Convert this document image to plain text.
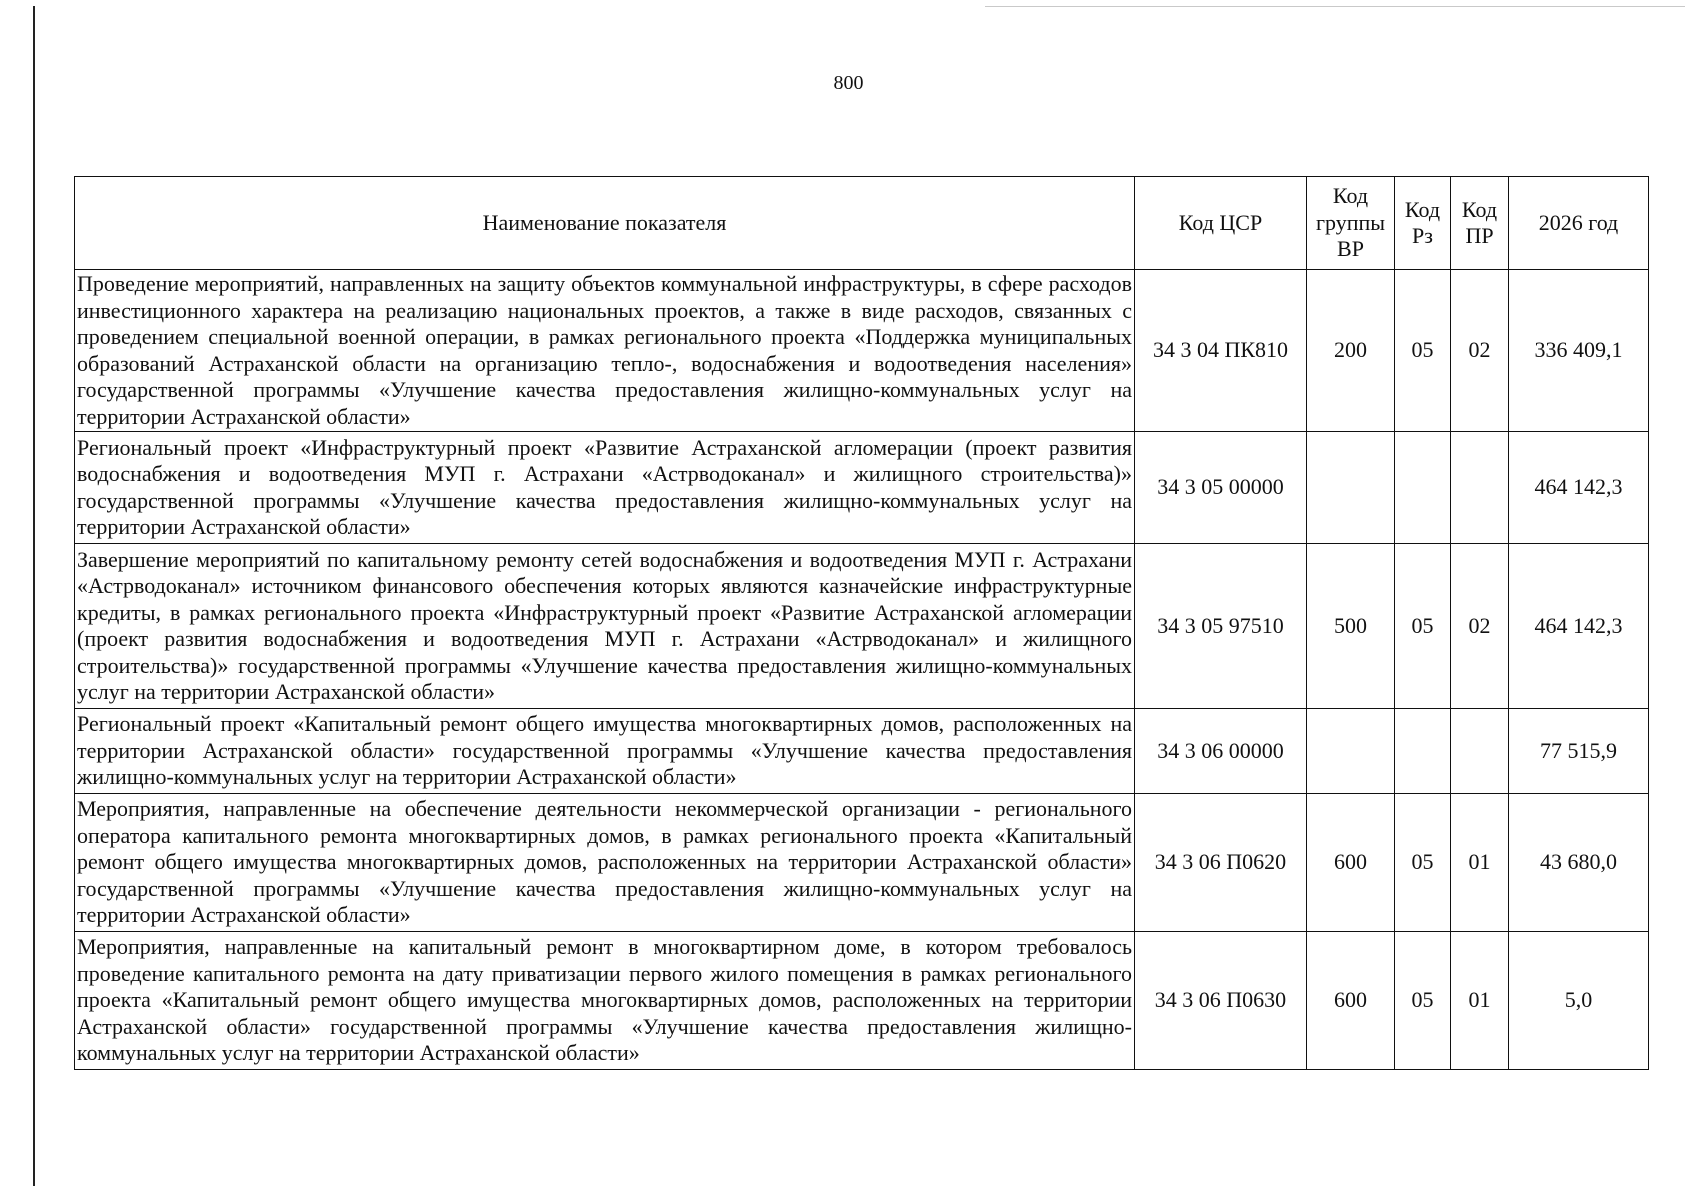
800
Наименование показателя	Код ЦСР	Код группы ВР	Код Рз	Код ПР	2026 год
Проведение мероприятий, направленных на защиту объектов коммунальной инфраструктуры, в сфере расходов инвестиционного характера на реализацию национальных проектов, а также в виде расходов, связанных с проведением специальной военной операции, в рамках регионального проекта «Поддержка муниципальных образований Астраханской области на организацию тепло-, водоснабжения и водоотведения населения» государственной программы «Улучшение качества предоставления жилищно-коммунальных услуг на территории Астраханской области»	34 3 04 ПК810	200	05	02	336 409,1
Региональный проект «Инфраструктурный проект «Развитие Астраханской агломерации (проект развития водоснабжения и водоотведения МУП г. Астрахани «Астрводоканал» и жилищного строительства)» государственной программы «Улучшение качества предоставления жилищно-коммунальных услуг на территории Астраханской области»	34 3 05 00000				464 142,3
Завершение мероприятий по капитальному ремонту сетей водоснабжения и водоотведения МУП г. Астрахани «Астрводоканал» источником финансового обеспечения которых являются казначейские инфраструктурные кредиты, в рамках регионального проекта «Инфраструктурный проект «Развитие Астраханской агломерации (проект развития водоснабжения и водоотведения МУП г. Астрахани «Астрводоканал» и жилищного строительства)» государственной программы «Улучшение качества предоставления жилищно-коммунальных услуг на территории Астраханской области»	34 3 05 97510	500	05	02	464 142,3
Региональный проект «Капитальный ремонт общего имущества многоквартирных домов, расположенных на территории Астраханской области» государственной программы «Улучшение качества предоставления жилищно-коммунальных услуг на территории Астраханской области»	34 3 06 00000				77 515,9
Мероприятия, направленные на обеспечение деятельности некоммерческой организации - регионального оператора капитального ремонта многоквартирных домов, в рамках регионального проекта «Капитальный ремонт общего имущества многоквартирных домов, расположенных на территории Астраханской области» государственной программы «Улучшение качества предоставления жилищно-коммунальных услуг на территории Астраханской области»	34 3 06 П0620	600	05	01	43 680,0
Мероприятия, направленные на капитальный ремонт в многоквартирном доме, в котором требовалось проведение капитального ремонта на дату приватизации первого жилого помещения в рамках регионального проекта «Капитальный ремонт общего имущества многоквартирных домов, расположенных на территории Астраханской области» государственной программы «Улучшение качества предоставления жилищно-коммунальных услуг на территории Астраханской области»	34 3 06 П0630	600	05	01	5,0
